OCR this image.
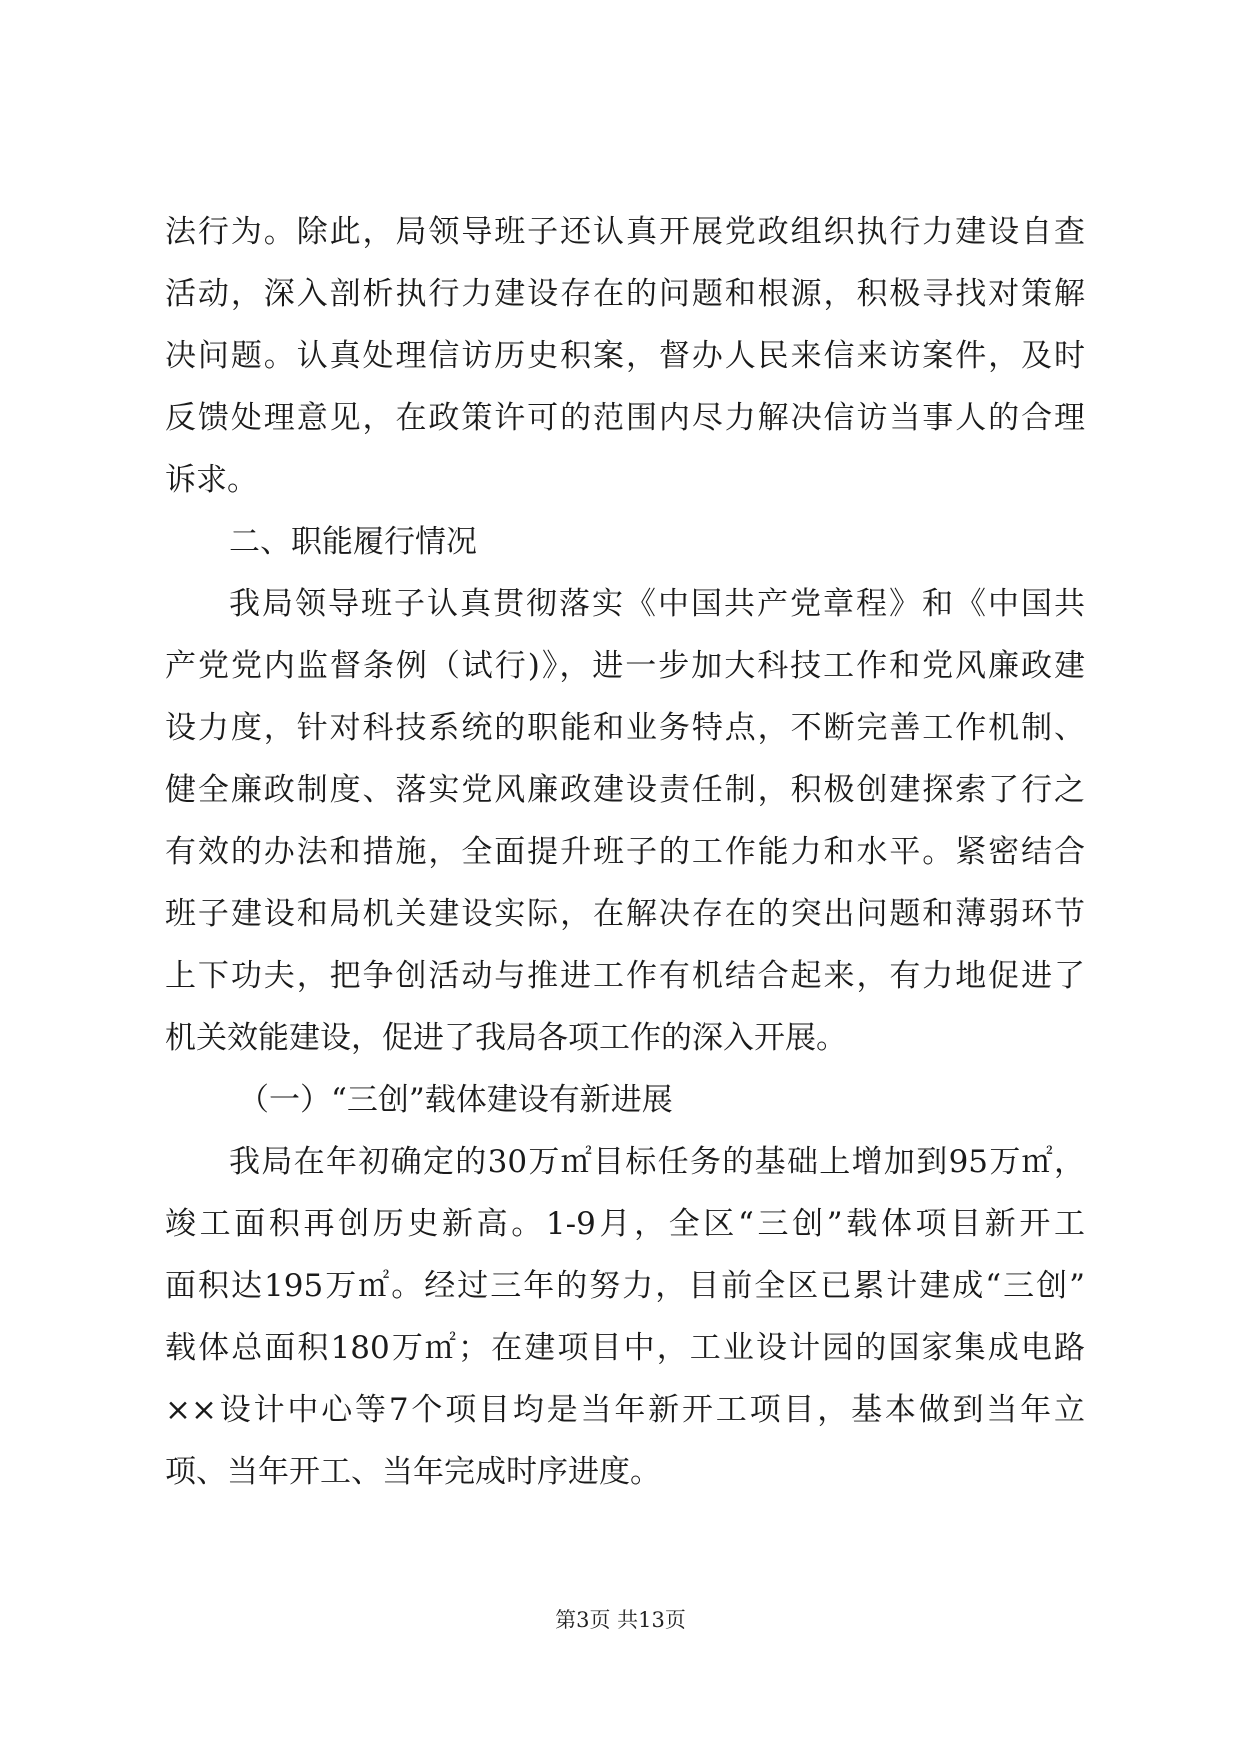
法行为。除此，局领导班子还认真开展党政组织执行力建设自查
活动，深入剖析执行力建设存在的问题和根源，积极寻找对策解
决问题。认真处理信访历史积案，督办人民来信来访案件，及时
反馈处理意见，在政策许可的范围内尽力解决信访当事人的合理
诉求。
二、职能履行情况
我局领导班子认真贯彻落实《中国共产党章程》和《中国共
产党党内监督条例（试行)》，进一步加大科技工作和党风廉政建
设力度，针对科技系统的职能和业务特点，不断完善工作机制、
健全廉政制度、落实党风廉政建设责任制，积极创建探索了行之
有效的办法和措施，全面提升班子的工作能力和水平。紧密结合
班子建设和局机关建设实际，在解决存在的突出问题和薄弱环节
上下功夫，把争创活动与推进工作有机结合起来，有力地促进了
机关效能建设，促进了我局各项工作的深入开展。
（一）“三创”载体建设有新进展
我局在年初确定的30万㎡目标任务的基础上增加到95万㎡，
竣工面积再创历史新高。1-9月，全区“三创”载体项目新开工
面积达195万㎡。经过三年的努力，目前全区已累计建成“三创”
载体总面积180万㎡；在建项目中，工业设计园的国家集成电路
××设计中心等7个项目均是当年新开工项目，基本做到当年立
项、当年开工、当年完成时序进度。
第3页 共13页
